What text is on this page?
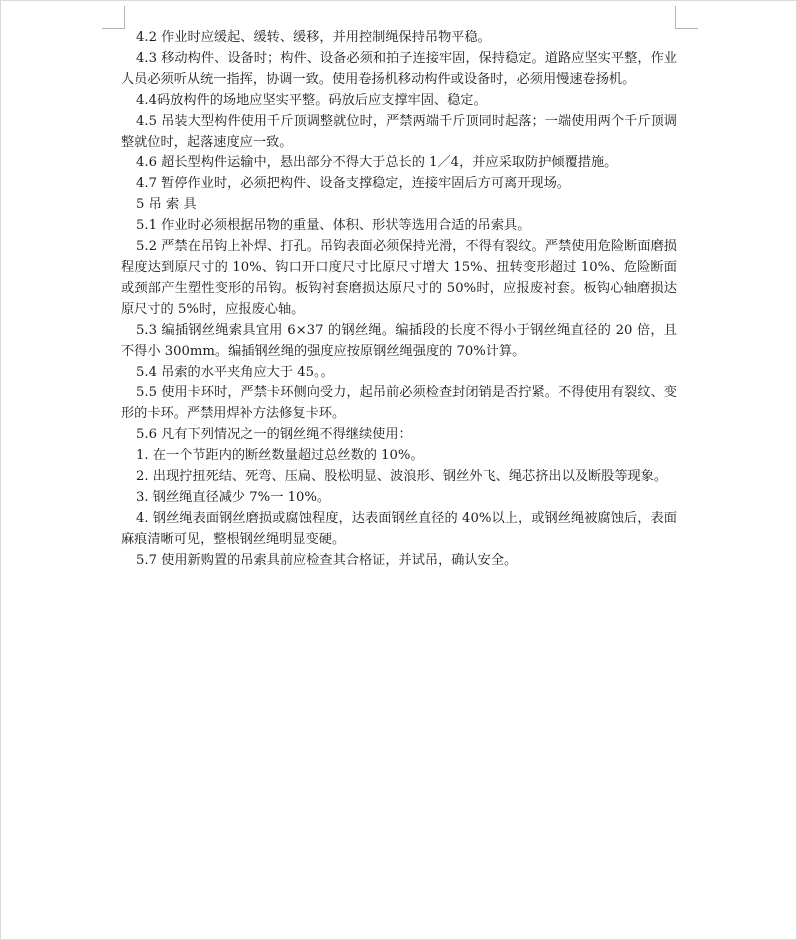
4.2 作业时应缓起、缓转、缓移，并用控制绳保持吊物平稳。

4.3 移动构件、设备时；构件、设备必须和拍子连接牢固，保持稳定。道路应坚实平整，作业人员必须听从统一指挥，协调一致。使用卷扬机移动构件或设备时，必须用慢速卷扬机。

4.4码放构件的场地应坚实平整。码放后应支撑牢固、稳定。

4.5 吊装大型构件使用千斤顶调整就位时，严禁两端千斤顶同时起落；一端使用两个千斤顶调整就位时，起落速度应一致。

4.6 超长型构件运输中，悬出部分不得大于总长的 1／4，并应采取防护倾覆措施。

4.7 暂停作业时，必须把构件、设备支撑稳定，连接牢固后方可离开现场。

5 吊 索 具

5.1 作业时必须根据吊物的重量、体积、形状等选用合适的吊索具。

5.2 严禁在吊钩上补焊、打孔。吊钩表面必须保持光滑，不得有裂纹。严禁使用危险断面磨损程度达到原尺寸的 10%、钩口开口度尺寸比原尺寸增大 15%、扭转变形超过 10%、危险断面或颈部产生塑性变形的吊钩。板钩衬套磨损达原尺寸的 50%时，应报废衬套。板钩心轴磨损达原尺寸的 5%时，应报废心轴。

5.3 编插钢丝绳索具宜用 6×37 的钢丝绳。编插段的长度不得小于钢丝绳直径的 20 倍，且不得小 300mm。编插钢丝绳的强度应按原钢丝绳强度的 70%计算。

5.4 吊索的水平夹角应大于 45。。

5.5 使用卡环时，严禁卡环侧向受力，起吊前必须检查封闭销是否拧紧。不得使用有裂纹、变形的卡环。严禁用焊补方法修复卡环。

5.6 凡有下列情况之一的钢丝绳不得继续使用：

1. 在一个节距内的断丝数量超过总丝数的 10%。

2. 出现拧扭死结、死弯、压扁、股松明显、波浪形、钢丝外飞、绳芯挤出以及断股等现象。

3. 钢丝绳直径减少 7%一 10%。

4. 钢丝绳表面钢丝磨损或腐蚀程度，达表面钢丝直径的 40%以上，或钢丝绳被腐蚀后，表面麻痕清晰可见，整根钢丝绳明显变硬。

5.7 使用新购置的吊索具前应检查其合格证，并试吊，确认安全。
